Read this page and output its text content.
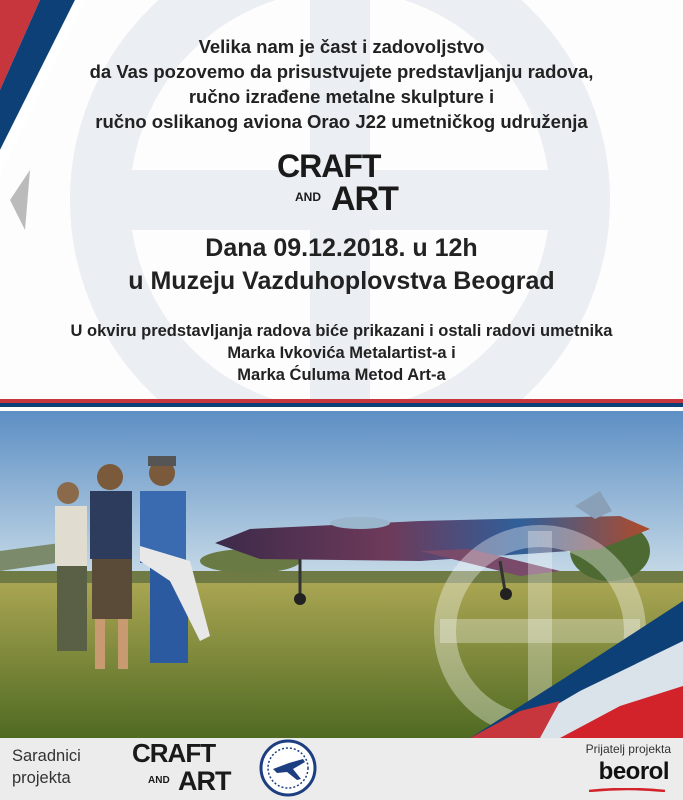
Velika nam je čast i zadovoljstvo
da Vas pozovemo da prisustvujete predstavljanju radova,
ručno izrađene metalne skulpture i
ručno oslikanog aviona Orao J22 umetničkog udruženja
CRAFT
AND ART
Dana 09.12.2018. u 12h
u Muzeju Vazduhoplovstva Beograd
U okviru predstavljanja radova biće prikazani i ostali radovi umetnika
Marka Ivkovića Metalartist-a i
Marka Ćuluma Metod Art-a
Saradnici
projekta
CRAFT
AND ART
Prijatelj projekta
beorol
